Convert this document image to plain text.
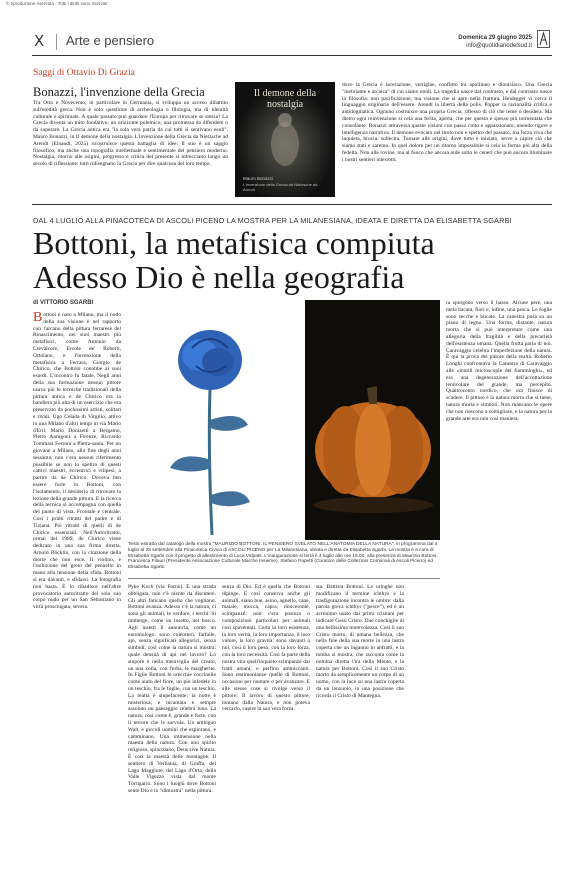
© riproduzione riservata · Tutti i diritti sono riservati
X Arte e pensiero	Domenica 29 giugno 2025
info@quotidianodelsud.it
Saggi di Ottavio Di Grazia
Bonazzi, l'invenzione della Grecia
Tra Otto e Novecento, in particolare in Germania, si sviluppa un acceso dibattito sull'eredità greca. Non è solo questione di archeologia o filologia, ma di identità culturale e spirituale. A quale passato può guardare l'Europa per ritrovare se stessa? La Grecia diventa un mito fondativo, un orizzonte polemico, una promessa da difendere o da superare. La Grecia antica era "la sola vera patria da cui tutti si sentivano esuli". Mauro Bonazzi, in Il demone della nostalgia. L'invenzione della Grecia da Nietzsche ad Arendt (Einaudi, 2025) ricostruisce questa battaglia di idee. Il suo è un saggio filosofico, ma anche una topografia intellettuale e sentimentale del pensiero moderno. Nostalgia, ritorno alle origini, progresso e critica del presente si intrecciano lungo un secolo di riflessione: tutti ridisegnano la Grecia per dire qualcosa del loro tempo.
Il demone della nostalgia
Mauro Bonazzi
L'invenzione della Grecia da Nietzsche ad Arendt
dove la Grecia è lacerazione, vertigine, conflitto tra apollineo e dionisiaco. Una Grecia "inebriante e arcaica" di cui siamo eredi. La tragedia nasce dal contrasto, e dal contrasto nasce la filosofia: non pacificazione, ma visione che si apre nella frattura. Heidegger vi cerca il linguaggio originario dell'essere. Arendt la libertà della polis. Popper la razionalità critica e antidogmatica. Ognuno costruisce una propria Grecia, riflesso di ciò che teme o desidera. Ma dietro ogni reinvenzione si cela una ferita, aperta, che per questo è spesso più tormentata che consolante. Bonazzi attraversa queste visioni con passo colto e appassionato, unendo rigore e intelligenza narrativa. Il demone evocato nel titolo non è spettro del passato, ma forza viva che inquieta, brucia, sollecita. Tornare alle origini, dove tutto è iniziato, serve a capire ciò che siamo stati e saremo. In quel dolore per un ritorno impossibile si cela la forma più alta della fedeltà. Non alle rovine, ma al fuoco che ancora arde sotto le ceneri che può ancora illuminare i nostri sentieri interrotti.
DAL 4 LUGLIO ALLA PINACOTECA DI ASCOLI PICENO LA MOSTRA PER LA MILANESIANA, IDEATA E DIRETTA DA ELISABETTA SGARBI
Bottoni, la metafisica compiuta
Adesso Dio è nella geografia
di VITTORIO SGARBI
Bottoni è nato a Milano, ma il nodo della sua visione è nel rapporto con l'arcano della pittura ferrarese del Rinascimento, nei suoi maestri più metafisici, come Antonio da Crevalcore, Ercole de' Roberti, Ortolano, e l'invenzione della metafisica a Ferrara, Giorgio de Chirico, che Bottoni conobbe ai suoi esordi. L'incontro fu fatale. Negli anni della sua formazione nessun pittore usava più le tecniche tradizionali della pittura antica e de Chirico era la bandiera più alta di un esercizio che era preservato da pochissimi artisti, solitari e rivali. Ugo Celada di Virgilio, attivo in una Milano d'altri tempi in via Mario d'Eril, Mario Donizetti a Bergamo, Pietro Annigoni a Firenze, Riccardo Tommasi Ferroni a Pietra-santa. Per un giovane a Milano, alla fine degli anni sessanta, non c'era nessun riferimento possibile se non lo spettro di questi cattivi maestri, eccentrici e vilipesi, a partire da de Chirico. Doveva ben essere forte in Bottoni, con l'isolamento, il desiderio di ritrovare la lezione della grande pittura. E la ricerca della tecnica si accompagna con quella del punto di vista. Frontale e centrale. Così i primi ritratti del padre e di Tiziana. Poi ritratti di quelli di de Chirico essenziali. Nell'Autoritratto, ormai del 1989, de Chirico viene dedicato in una sua firma diretta. Arnold Böcklin, con la citazione della morte che non esce. Il violino, e l'esibizione del greto del pennello in mano alla tensione della sfida. Bottoni si era davanti, e sfidarsi. La fotografia non basta. È lo ribadisce nell'altre provocatorio autoritratto del solo suo corpo nudo per un San Sebastiano in virtù prosciugata, severa.
Testo estratto dal catalogo della mostra "MAURIZIO BOTTONI. IL PENSIERO SVELATO NELL'ANATOMIA DELLA NATURA", in programma dal 4 luglio al 28 settembre alla Pinacoteca Civica di ASCOLI PICENO per La Milanesiana, ideata e diretta da Elisabetta Sgarbi. La mostra è a cura di Elisabetta Sgarbi con il progetto di allestimento di Luca Volpatti. L'inaugurazione si terrà il 4 luglio alle ore 18.00, alla presenza di Maurizio Bottoni, Francesca Filauri (Presidente Associazione Culturale Marche Insieme), Stefano Papetti (Curatore delle Collezioni Comunali di Ascoli Piceno) ed Elisabetta Sgarbi.
Pyke Koch (via Fornò). È una strada obbligata, non c'è niente da discutere. Gli altri faticano quello che vogliono. Bottoni avanza. Adesso c'è la natura, ci sono gli animali, le verdure, i teschi. Si immerge, come un insetto, nel bosco. Agli insetti li annuncia, come un entomologo: sono coleotteri, farfalle, api, senza significati allegorici, senza simboli, così come la natura si mostra: quale densità di api nel lavoro? Lo stupore è nella meraviglia del creato, un una zolla, con l'erba, le margherite. In Figlie Bottoni le orecchie coccinelle come aiuto del fiore, un più infedele in un teschio, fra le foglie, con un teschio. La realtà è stupefacente; la notte è misteriosa, e incantata e sempre assoluto un paesaggio celebrà luna. La natura, così come è, grande e forte, con il terrore che le sorvola. Un ambiguo Walt, e piccoli uomini che esplorano, e camminano. Una immensione nella maestà della natura. Con uno spirito religioso, spinoziano, Deus sive Natura. È così la maestà delle montagne. Il sentiero di Verbania, di Gruffa, del Lago Maggiore, del Lago d'Orta, della Valle Vigezzo vista dal monte Torrigario. Sono i luoghi dove Bottoni sente Dio e lo "dimostra" nella pittura.
senza di Dio. Ed è quella che Bottoni dipinge. E così conserva anche gli animali, siano bue, asino, agnello, cane, maiale, mucca, capra, rinoceronte, scimpanzé: non c'era postura o composizioni particolari per animali così spaventati. Certa la loro esistenza, la loro verità, la loro importanza, il loro valore, la loro gravità: sono davanti a noi, così il loro peso, con la loro forza, con la loro necessità. Così fa parte della nostra vita quell'inquieto scimpanzé dai tratti umani, e perfino ammiccanti. Sono testimonianze quelle di Bottoni, occasioni per nuotare o per avanzare. E alle stesse cose si rivolge verso il pittore: Il lavoro di questo pittore, lontano dalla Natura, e non poteva cercarlo, capire la sua vera forza.
sta. Battista Bottoni. Le uringhe non modificano il termine ichthys e la trasfigurazione incontra le ombre: dalla parola greca ichthys ("pesce"), ed è un acronimo usato dai primi cristiani per indicare Gesù Cristo. Due conchiglie di una bellissima mutevolezza. Così il suo Cristo morto, di umana bellezza, che nella fine della sua morte in una lastra coperta che un inganno in anfratti, e la tomba si mostra, che racconta come la nomina diretta l'ira della Mente, e la natura per Bottoni. Così il suo Cristo morto da semplicemente un corpo di un uomo, con la luce su una lastra coperta da un lenzuolo, in una posizione che ricorda il Cristo di Mantegna.
ra sporgono verso il basso. Alcune pere, una mela bacata, fiori e, infine, una pesca. Le foglie sono secche e bucate. La canestra posa su un piano di legno. Una forma, distante, natura morta che si può interpretare come una allegoria della fragilità e della precarietà dell'esistenza umana. Quella frutta parla di noi. Caravaggio celebra l'imperfezione della natura. È qui la prova del pittore della realtà. Roberto Longhi confrontava la Canestra di Caravaggio alle «inutili microscopie dei fiamminghi», ed era una degenerazione dell'accettazione lenticolare del grande, ma percepito. Quattrocento nordico, che ora finisce di scadere. Il pittore è la natura morta che si tiene, natura morta e simboli. Non mancano le opere che non riescono a somigliare, e la natura per la grande arte era non così maniera.
